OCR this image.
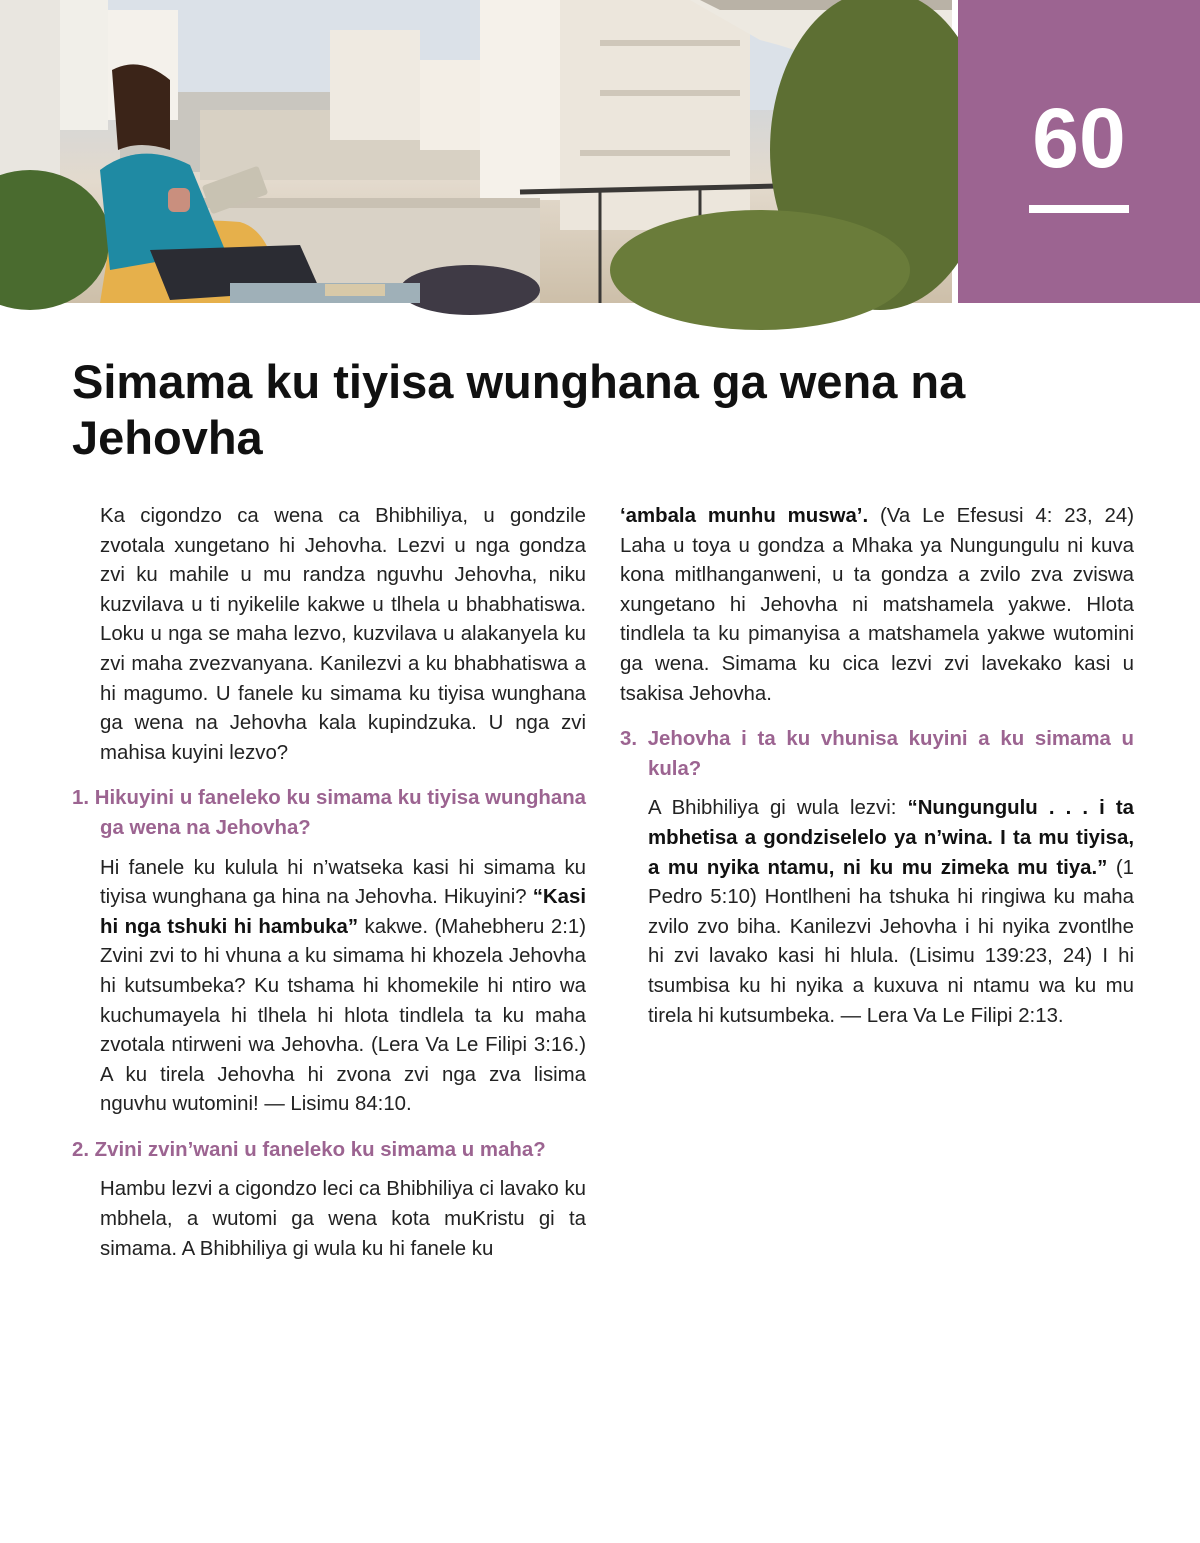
60
Simama ku tiyisa wunghana ga wena na Jehovha

Ka cigondzo ca wena ca Bhibhiliya, u gondzile zvotala xungetano hi Jehovha. Lezvi u nga gondza zvi ku mahile u mu randza nguvhu Jehovha, niku kuzvilava u ti nyikelile kakwe u tlhela u bhabhatiswa. Loku u nga se maha lezvo, kuzvilava u alakanyela ku zvi maha zvezvanyana. Kanilezvi a ku bhabhatiswa a hi magumo. U fanele ku simama ku tiyisa wunghana ga wena na Jehovha kala kupindzuka. U nga zvi mahisa kuyini lezvo?

1. Hikuyini u faneleko ku simama ku tiyisa wunghana ga wena na Jehovha?

Hi fanele ku kulula hi n’watseka kasi hi simama ku tiyisa wunghana ga hina na Jehovha. Hikuyini? “Kasi hi nga tshuki hi hambuka” kakwe. (Mahebheru 2:1) Zvini zvi to hi vhuna a ku simama hi khozela Jehovha hi kutsumbeka? Ku tshama hi khomekile hi ntiro wa kuchumayela hi tlhela hi hlota tindlela ta ku maha zvotala ntirweni wa Jehovha. (Lera Va Le Filipi 3:16.) A ku tirela Jehovha hi zvona zvi nga zva lisima nguvhu wutomini! — Lisimu 84:10.

2. Zvini zvin’wani u faneleko ku simama u maha?

Hambu lezvi a cigondzo leci ca Bhibhiliya ci lavako ku mbhela, a wutomi ga wena kota muKristu gi ta simama. A Bhibhiliya gi wula ku hi fanele ku

‘ambala munhu muswa’. (Va Le Efesusi 4: 23, 24) Laha u toya u gondza a Mhaka ya Nungungulu ni kuva kona mitlhanganweni, u ta gondza a zvilo zva zviswa xungetano hi Jehovha ni matshamela yakwe. Hlota tindlela ta ku pimanyisa a matshamela yakwe wutomini ga wena. Simama ku cica lezvi zvi lavekako kasi u tsakisa Jehovha.

3. Jehovha i ta ku vhunisa kuyini a ku simama u kula?

A Bhibhiliya gi wula lezvi: “Nungungulu . . . i ta mbhetisa a gondziselelo ya n’wina. I ta mu tiyisa, a mu nyika ntamu, ni ku mu zimeka mu tiya.” (1 Pedro 5:10) Hontlheni ha tshuka hi ringiwa ku maha zvilo zvo biha. Kanilezvi Jehovha i hi nyika zvontlhe hi zvi lavako kasi hi hlula. (Lisimu 139:23, 24) I hi tsumbisa ku hi nyika a kuxuva ni ntamu wa ku mu tirela hi kutsumbeka. — Lera Va Le Filipi 2:13.
